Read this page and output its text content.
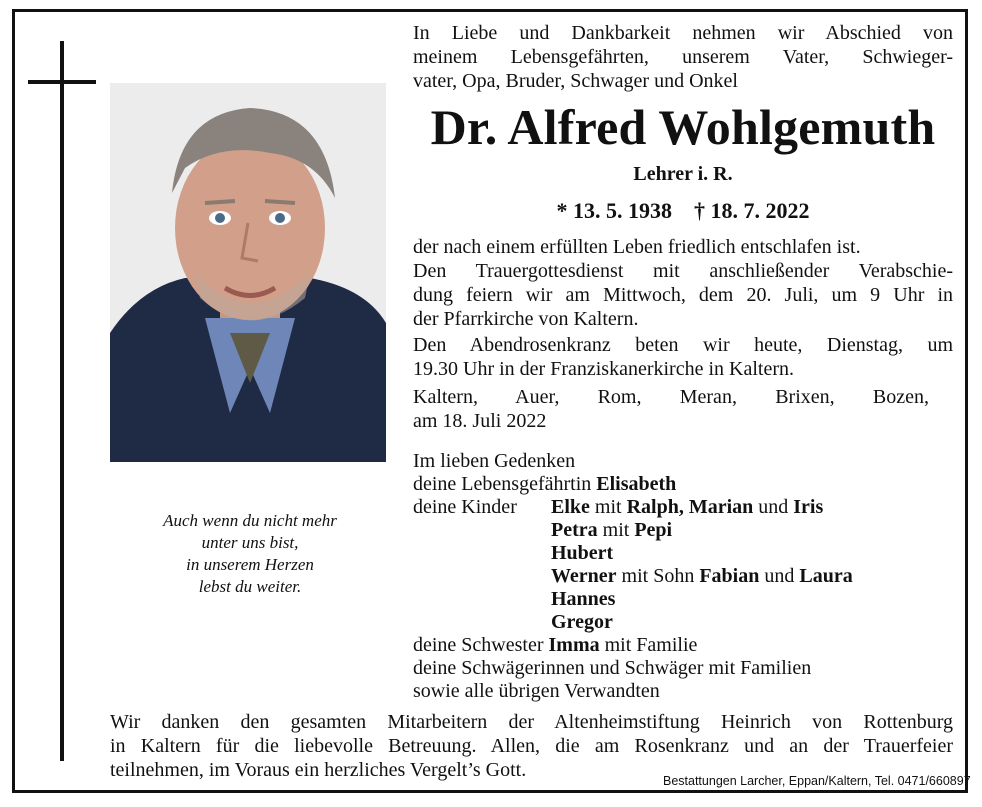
Auch wenn du nicht mehr
unter uns bist,
in unserem Herzen
lebst du weiter.
In Liebe und Dankbarkeit nehmen wir Abschied von
meinem Lebensgefährten, unserem Vater, Schwieger-
vater, Opa, Bruder, Schwager und Onkel
Dr. Alfred Wohlgemuth
Lehrer i. R.
* 13. 5. 1938 † 18. 7. 2022
der nach einem erfüllten Leben friedlich entschlafen ist.
Den Trauergottesdienst mit anschließender Verabschie-
dung feiern wir am Mittwoch, dem 20. Juli, um 9 Uhr in
der Pfarrkirche von Kaltern.
Den Abendrosenkranz beten wir heute, Dienstag, um
19.30 Uhr in der Franziskanerkirche in Kaltern.
Kaltern, Auer, Rom, Meran, Brixen, Bozen,
am 18. Juli 2022
Im lieben Gedenken
deine Lebensgefährtin Elisabeth
deine Kinder Elke mit Ralph, Marian und Iris
Petra mit Pepi
Hubert
Werner mit Sohn Fabian und Laura
Hannes
Gregor
deine Schwester Imma mit Familie
deine Schwägerinnen und Schwäger mit Familien
sowie alle übrigen Verwandten
Wir danken den gesamten Mitarbeitern der Altenheimstiftung Heinrich von Rottenburg
in Kaltern für die liebevolle Betreuung. Allen, die am Rosenkranz und an der Trauerfeier
teilnehmen, im Voraus ein herzliches Vergelt’s Gott.	Bestattungen Larcher, Eppan/Kaltern, Tel. 0471/660897
